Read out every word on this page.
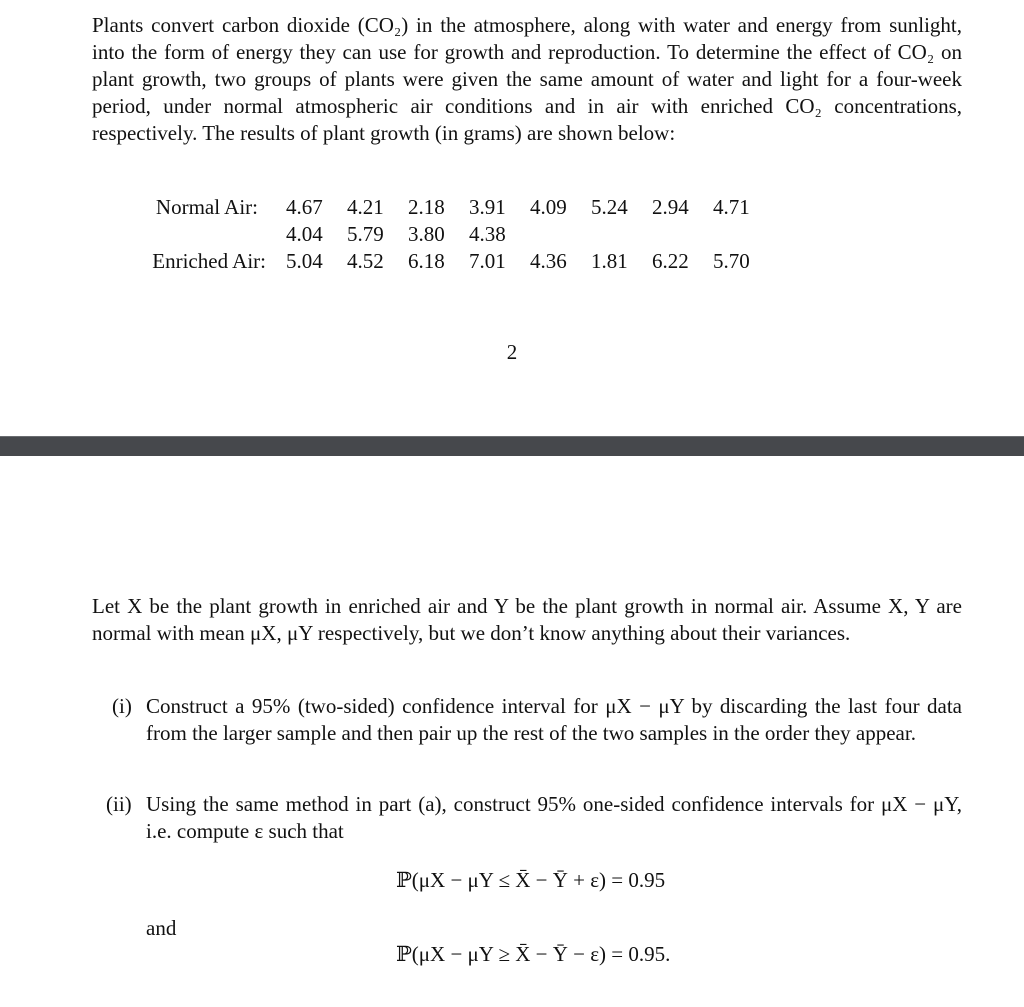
Plants convert carbon dioxide (CO₂) in the atmosphere, along with water and energy from sunlight, into the form of energy they can use for growth and reproduction. To determine the effect of CO₂ on plant growth, two groups of plants were given the same amount of water and light for a four-week period, under normal atmospheric air conditions and in air with enriched CO₂ concentrations, respectively. The results of plant growth (in grams) are shown below:

Normal Air:
Enriched Air:
4.67 4.21 2.18 3.91 4.09 5.24 2.94 4.71
4.04 5.79 3.80 4.38
5.04 4.52 6.18 7.01 4.36 1.81 6.22 5.70
2

Let X be the plant growth in enriched air and Y be the plant growth in normal air. Assume X, Y are normal with mean μX, μY respectively, but we don’t know anything about their variances.

(i) Construct a 95% (two-sided) confidence interval for μX − μY by discarding the last four data from the larger sample and then pair up the rest of the two samples in the order they appear.

(ii) Using the same method in part (a), construct 95% one-sided confidence intervals for μX − μY, i.e. compute ε such that

ℙ(μX − μY ≤ X̄ − Ȳ + ε) = 0.95
and
ℙ(μX − μY ≥ X̄ − Ȳ − ε) = 0.95.
